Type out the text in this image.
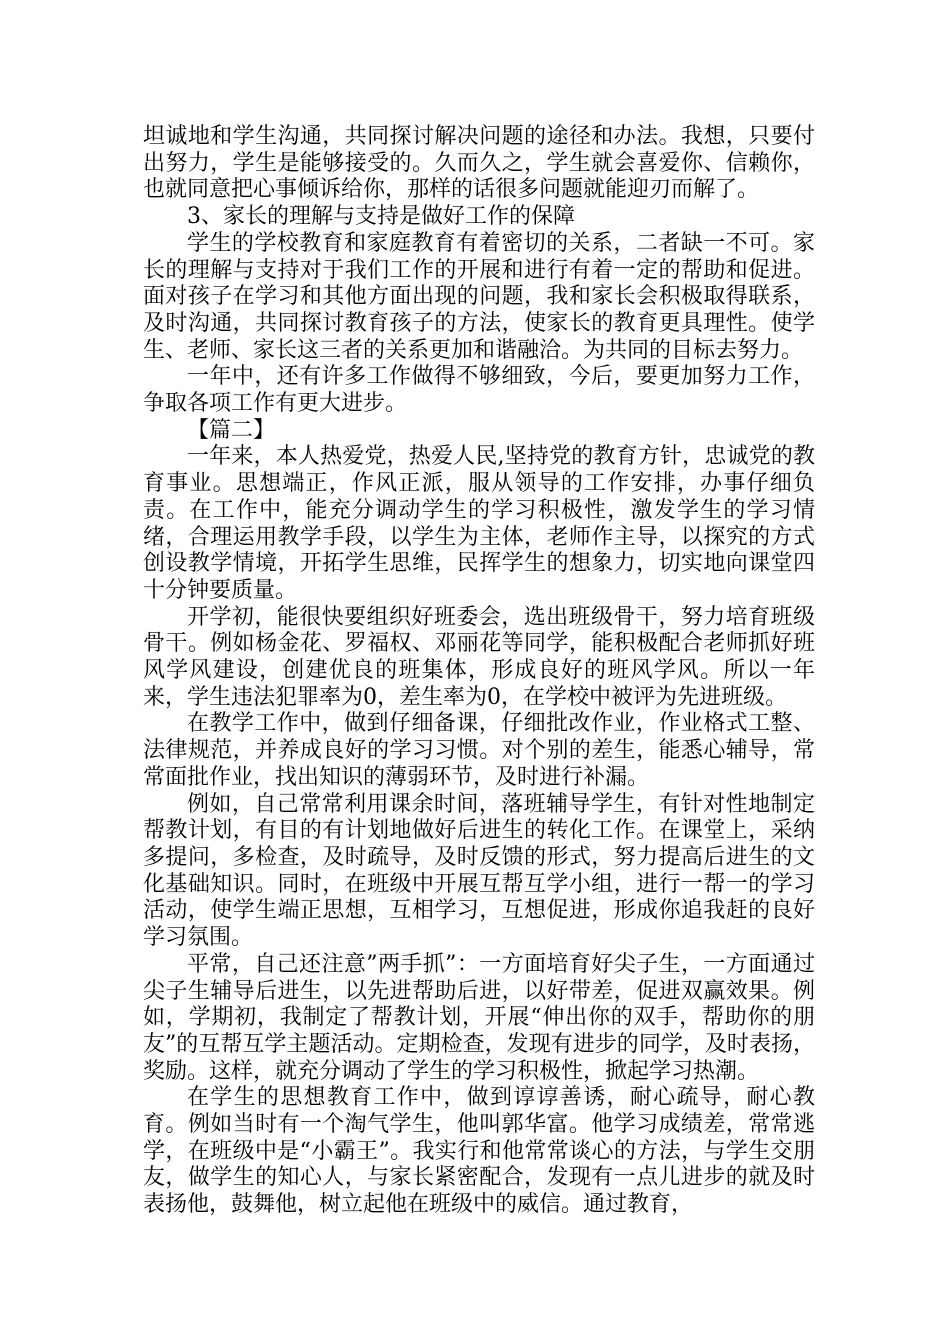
坦诚地和学生沟通，共同探讨解决问题的途径和办法。我想，只要付出努力，学生是能够接受的。久而久之，学生就会喜爱你、信赖你，也就同意把心事倾诉给你，那样的话很多问题就能迎刃而解了。

3、家长的理解与支持是做好工作的保障

学生的学校教育和家庭教育有着密切的关系，二者缺一不可。家长的理解与支持对于我们工作的开展和进行有着一定的帮助和促进。面对孩子在学习和其他方面出现的问题，我和家长会积极取得联系，及时沟通，共同探讨教育孩子的方法，使家长的教育更具理性。使学生、老师、家长这三者的关系更加和谐融洽。为共同的目标去努力。

一年中，还有许多工作做得不够细致，今后，要更加努力工作，争取各项工作有更大进步。

【篇二】

一年来，本人热爱党，热爱人民,坚持党的教育方针，忠诚党的教育事业。思想端正，作风正派，服从领导的工作安排，办事仔细负责。在工作中，能充分调动学生的学习积极性，激发学生的学习情绪，合理运用教学手段，以学生为主体，老师作主导，以探究的方式创设教学情境，开拓学生思维，民挥学生的想象力，切实地向课堂四十分钟要质量。

开学初，能很快要组织好班委会，选出班级骨干，努力培育班级骨干。例如杨金花、罗福权、邓丽花等同学，能积极配合老师抓好班风学风建设，创建优良的班集体，形成良好的班风学风。所以一年来，学生违法犯罪率为0，差生率为0，在学校中被评为先进班级。

在教学工作中，做到仔细备课，仔细批改作业，作业格式工整、法律规范，并养成良好的学习习惯。对个别的差生，能悉心辅导，常常面批作业，找出知识的薄弱环节，及时进行补漏。

例如，自己常常利用课余时间，落班辅导学生，有针对性地制定帮教计划，有目的有计划地做好后进生的转化工作。在课堂上，采纳多提问，多检查，及时疏导，及时反馈的形式，努力提高后进生的文化基础知识。同时，在班级中开展互帮互学小组，进行一帮一的学习活动，使学生端正思想，互相学习，互想促进，形成你追我赶的良好学习氛围。

平常，自己还注意”两手抓”：一方面培育好尖子生，一方面通过尖子生辅导后进生，以先进帮助后进，以好带差，促进双赢效果。例如，学期初，我制定了帮教计划，开展“伸出你的双手，帮助你的朋友”的互帮互学主题活动。定期检查，发现有进步的同学，及时表扬，奖励。这样，就充分调动了学生的学习积极性，掀起学习热潮。

在学生的思想教育工作中，做到谆谆善诱，耐心疏导，耐心教育。例如当时有一个淘气学生，他叫郭华富。他学习成绩差，常常逃学，在班级中是“小霸王”。我实行和他常常谈心的方法，与学生交朋友，做学生的知心人，与家长紧密配合，发现有一点儿进步的就及时表扬他，鼓舞他，树立起他在班级中的威信。通过教育，
